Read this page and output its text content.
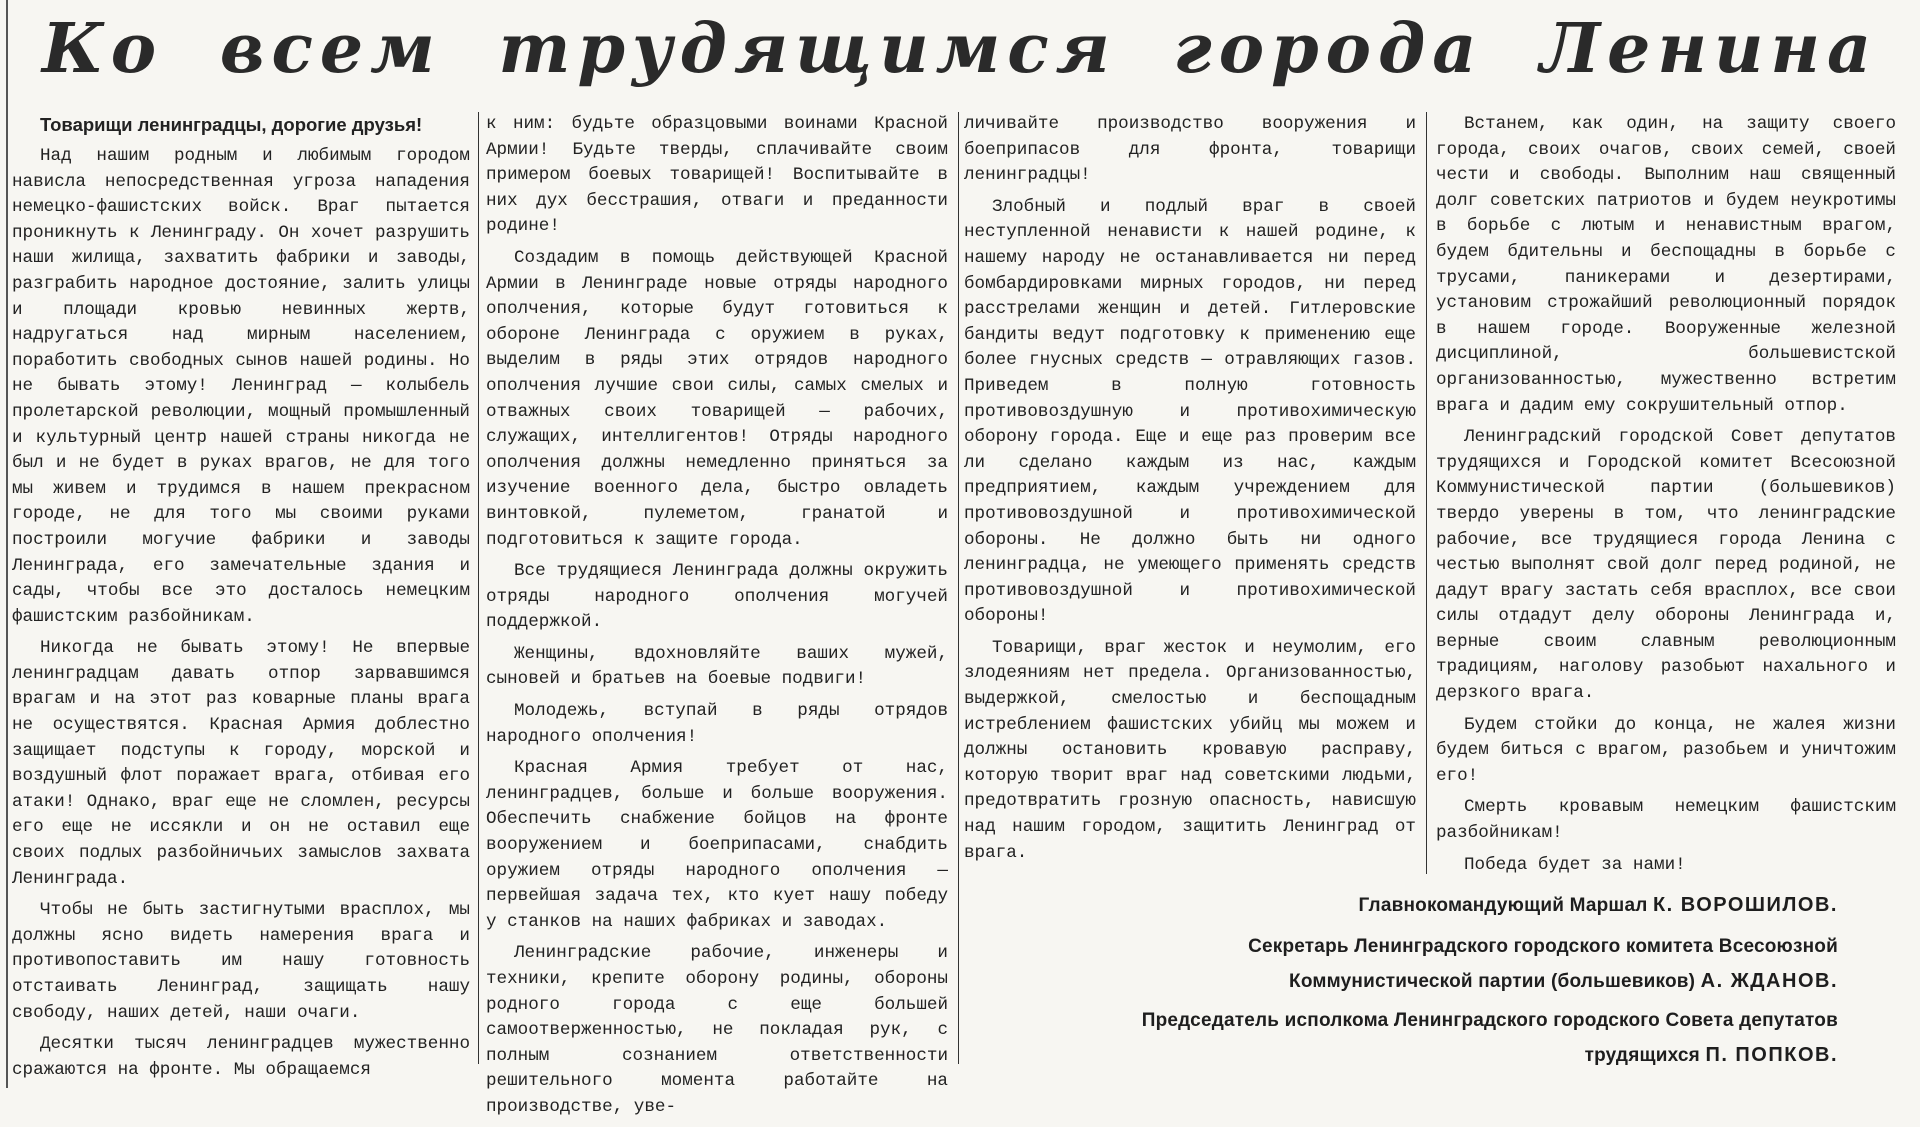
Ко всем трудящимся города Ленина

Товарищи ленинградцы, дорогие друзья!

Над нашим родным и любимым городом нависла непосредственная угроза нападения немецко-фашистских войск. Враг пытается проникнуть к Ленинграду. Он хочет разрушить наши жилища, захватить фабрики и заводы, разграбить народное достояние, залить улицы и площади кровью невинных жертв, надругаться над мирным населением, поработить свободных сынов нашей родины. Но не бывать этому! Ленинград — колыбель пролетарской революции, мощный промышленный и культурный центр нашей страны никогда не был и не будет в руках врагов, не для того мы живем и трудимся в нашем прекрасном городе, не для того мы своими руками построили могучие фабрики и заводы Ленинграда, его замечательные здания и сады, чтобы все это досталось немецким фашистским разбойникам.

Никогда не бывать этому! Не впервые ленинградцам давать отпор зарвавшимся врагам и на этот раз коварные планы врага не осуществятся. Красная Армия доблестно защищает подступы к городу, морской и воздушный флот поражает врага, отбивая его атаки! Однако, враг еще не сломлен, ресурсы его еще не иссякли и он не оставил еще своих подлых разбойничьих замыслов захвата Ленинграда.

Чтобы не быть застигнутыми врасплох, мы должны ясно видеть намерения врага и противопоставить им нашу готовность отстаивать Ленинград, защищать нашу свободу, наших детей, наши очаги.

Десятки тысяч ленинградцев мужественно сражаются на фронте. Мы обращаемся

к ним: будьте образцовыми воинами Красной Армии! Будьте тверды, сплачивайте своим примером боевых товарищей! Воспитывайте в них дух бесстрашия, отваги и преданности родине!

Создадим в помощь действующей Красной Армии в Ленинграде новые отряды народного ополчения, которые будут готовиться к обороне Ленинграда с оружием в руках, выделим в ряды этих отрядов народного ополчения лучшие свои силы, самых смелых и отважных своих товарищей — рабочих, служащих, интеллигентов! Отряды народного ополчения должны немедленно приняться за изучение военного дела, быстро овладеть винтовкой, пулеметом, гранатой и подготовиться к защите города.

Все трудящиеся Ленинграда должны окружить отряды народного ополчения могучей поддержкой.

Женщины, вдохновляйте ваших мужей, сыновей и братьев на боевые подвиги!

Молодежь, вступай в ряды отрядов народного ополчения!

Красная Армия требует от нас, ленинградцев, больше и больше вооружения. Обеспечить снабжение бойцов на фронте вооружением и боеприпасами, снабдить оружием отряды народного ополчения — первейшая задача тех, кто кует нашу победу у станков на наших фабриках и заводах.

Ленинградские рабочие, инженеры и техники, крепите оборону родины, обороны родного города с еще большей самоотверженностью, не покладая рук, с полным сознанием ответственности решительного момента работайте на производстве, уве-

личивайте производство вооружения и боеприпасов для фронта, товарищи ленинградцы!

Злобный и подлый враг в своей неступленной ненависти к нашей родине, к нашему народу не останавливается ни перед бомбардировками мирных городов, ни перед расстрелами женщин и детей. Гитлеровские бандиты ведут подготовку к применению еще более гнусных средств — отравляющих газов. Приведем в полную готовность противовоздушную и противохимическую оборону города. Еще и еще раз проверим все ли сделано каждым из нас, каждым предприятием, каждым учреждением для противовоздушной и противохимической обороны. Не должно быть ни одного ленинградца, не умеющего применять средств противовоздушной и противохимической обороны!

Товарищи, враг жесток и неумолим, его злодеяниям нет предела. Организованностью, выдержкой, смелостью и беспощадным истреблением фашистских убийц мы можем и должны остановить кровавую расправу, которую творит враг над советскими людьми, предотвратить грозную опасность, нависшую над нашим городом, защитить Ленинград от врага.

Встанем, как один, на защиту своего города, своих очагов, своих семей, своей чести и свободы. Выполним наш священный долг советских патриотов и будем неукротимы в борьбе с лютым и ненавистным врагом, будем бдительны и беспощадны в борьбе с трусами, паникерами и дезертирами, установим строжайший революционный порядок в нашем городе. Вооруженные железной дисциплиной, большевистской организованностью, мужественно встретим врага и дадим ему сокрушительный отпор.

Ленинградский городской Совет депутатов трудящихся и Городской комитет Всесоюзной Коммунистической партии (большевиков) твердо уверены в том, что ленинградские рабочие, все трудящиеся города Ленина с честью выполнят свой долг перед родиной, не дадут врагу застать себя врасплох, все свои силы отдадут делу обороны Ленинграда и, верные своим славным революционным традициям, наголову разобьют нахального и дерзкого врага.

Будем стойки до конца, не жалея жизни будем биться с врагом, разобьем и уничтожим его!

Смерть кровавым немецким фашистским разбойникам!

Победа будет за нами!

Главнокомандующий Маршал К. ВОРОШИЛОВ.
Секретарь Ленинградского городского комитета Всесоюзной Коммунистической партии (большевиков) А. ЖДАНОВ.
Председатель исполкома Ленинградского городского Совета депутатов трудящихся П. ПОПКОВ.
